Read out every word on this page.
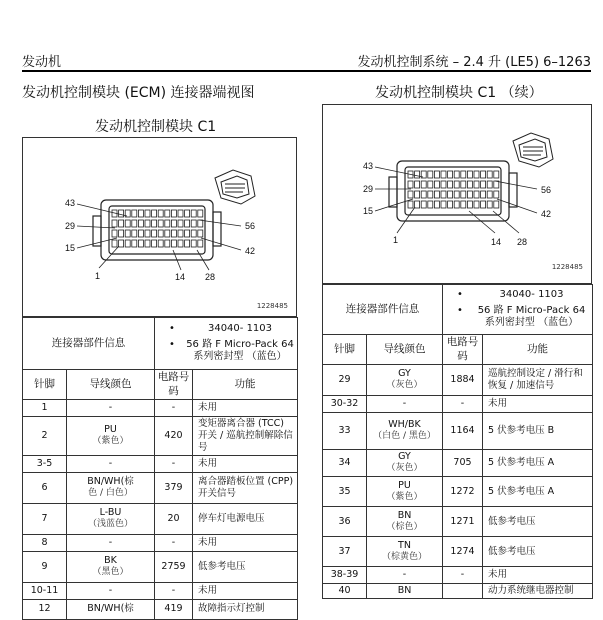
发动机	发动机控制系统 – 2.4 升 (LE5) 6–1263
发动机控制模块 (ECM) 连接器端视图	发动机控制模块 C1 （续）
发动机控制模块 C1
43
29
15
1	14 28
42
56
1228485
连接器部件信息		• 34040- 1103
• 56 路 F Micro-Pack 64 系列密封型 （蓝色）

针脚	导线颜色	电路号码	功能
1	-	-	未用
2	PU
（紫色）	420	变矩器离合器 (TCC) 开关 / 巡航控制解除信号
3-5	-	-	未用
6	BN/WH(棕
色 / 白色）	379	离合器踏板位置 (CPP) 开关信号
7	L-BU
（浅蓝色）	20	停车灯电源电压
8	-	-	未用
9	BK
（黑色）	2759	低参考电压
10-11	-	-	未用
12	BN/WH(棕	419	故障指示灯控制
43
29
15
1	14 28
42
56
1228485
连接器部件信息		• 34040- 1103
• 56 路 F Micro-Pack 64 系列密封型 （蓝色）

针脚	导线颜色	电路号码	功能
29	GY
（灰色）	1884	巡航控制设定 / 滑行和恢复 / 加速信号
30-32	-	-	未用
33	WH/BK
（白色 / 黑色）	1164	5 伏参考电压 B
34	GY
（灰色）	705	5 伏参考电压 A
35	PU
（紫色）	1272	5 伏参考电压 A
36	BN
（棕色）	1271	低参考电压
37	TN
（棕黄色）	1274	低参考电压
38-39	-	-	未用
40	BN		动力系统继电器控制
